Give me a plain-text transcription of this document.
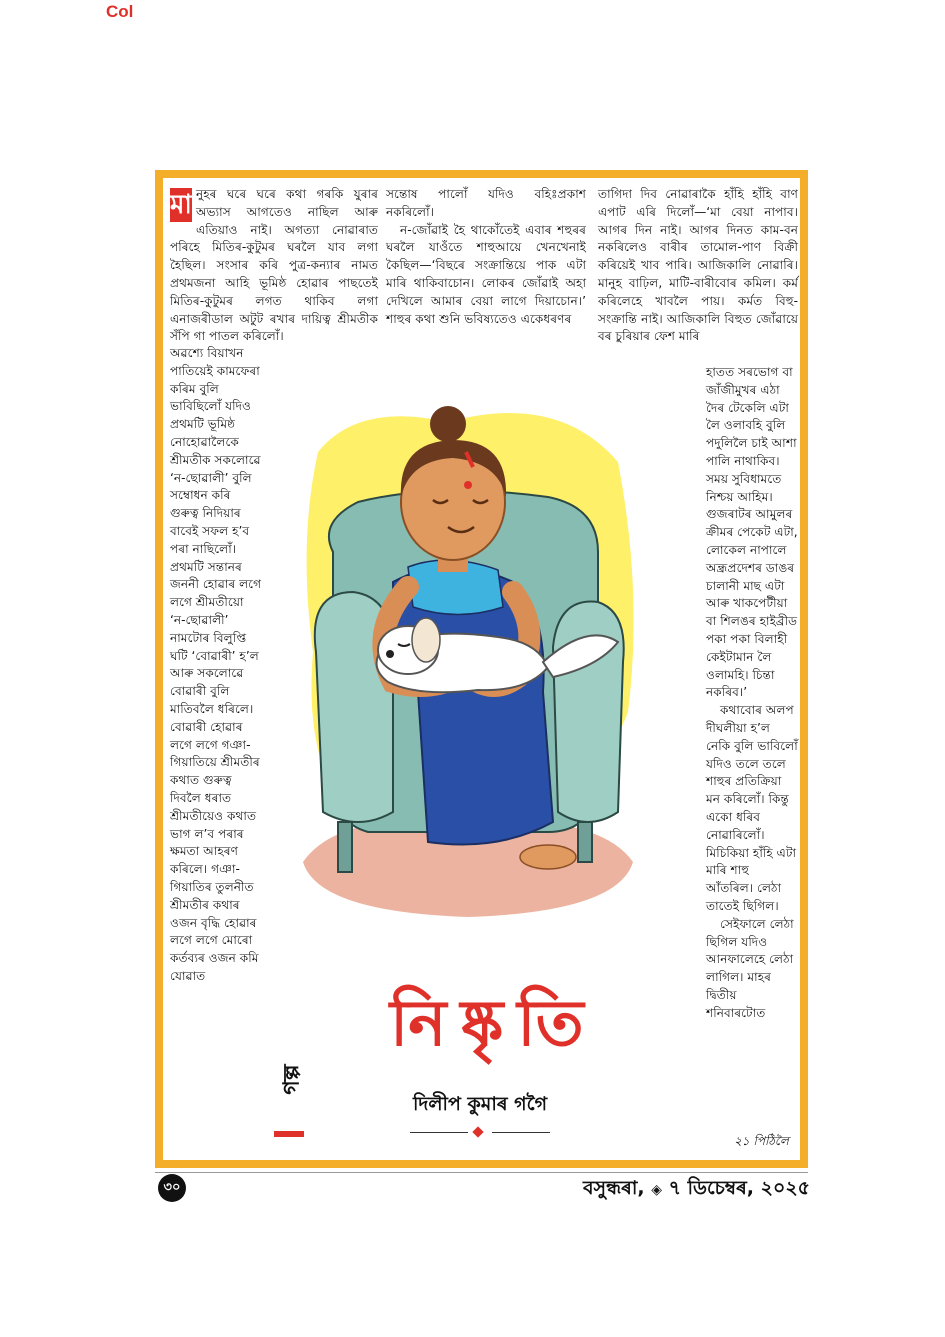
Col

মা নুহৰ ঘৰে ঘৰে কথা গৰকি যুৰাৰ অভ্যাস আগতেও নাছিল আৰু এতিয়াও নাই। অগত্যা নোৱাৰাত পৰিহে মিতিৰ-কুটুমৰ ঘৰলৈ যাব লগা হৈছিল। সংসাৰ কৰি পুত্ৰ-কন্যাৰ নামত প্ৰথমজনা আহি ভূমিষ্ঠ হোৱাৰ পাছতেই মিতিৰ-কুটুমৰ লগত থাকিব লগা এনাজৰীডাল অটুট ৰখাৰ দায়িত্ব শ্ৰীমতীক সঁপি গা পাতল কৰিলোঁ।

অৱশ্যে বিয়াখন পাতিয়েই কামফেৰা কৰিম বুলি ভাবিছিলোঁ যদিও প্ৰথমটি ভূমিষ্ঠ নোহোৱালৈকে শ্ৰীমতীক সকলোৱে ‘ন-ছোৱালী’ বুলি সম্বোধন কৰি গুৰুত্ব নিদিয়াৰ বাবেই সফল হ’ব পৰা নাছিলোঁ। প্ৰথমটি সন্তানৰ জননী হোৱাৰ লগে লগে শ্ৰীমতীয়ো ‘ন-ছোৱালী’ নামটোৰ বিলুপ্তি ঘটি ‘বোৱাৰী’ হ’ল আৰু সকলোৱে বোৱাৰী বুলি মাতিবলৈ ধৰিলে। বোৱাৰী হোৱাৰ লগে লগে গঞা-গিয়াতিয়ে শ্ৰীমতীৰ কথাত গুৰুত্ব দিবলৈ ধৰাত শ্ৰীমতীয়েও কথাত ভাগ ল’ব পৰাৰ ক্ষমতা আহৰণ কৰিলে। গঞা-গিয়াতিৰ তুলনীত শ্ৰীমতীৰ কথাৰ ওজন বৃদ্ধি হোৱাৰ লগে লগে মোৰো কৰ্তব্যৰ ওজন কমি যোৱাত

সন্তোষ পালোঁ যদিও বহিঃপ্ৰকাশ নকৰিলোঁ।

ন-জোঁৱাই হৈ থাকোঁতেই এবাৰ শহুৰৰ ঘৰলৈ যাওঁতে শাহুআয়ে খেনখেনাই কৈছিল—‘বিছৰে সংক্ৰান্তিয়ে পাক এটা মাৰি থাকিবাচোন। লোকৰ জোঁৱাই অহা দেখিলে আমাৰ বেয়া লাগে দিয়াচোন।’ শাহুৰ কথা শুনি ভবিষ্যতেও একেধৰণৰ

তাগিদা দিব নোৱাৰাকৈ হাঁহি হাঁহি বাণ এপাট এৰি দিলোঁ—‘মা বেয়া নাপাব। আগৰ দিন নাই। আগৰ দিনত কাম-বন নকৰিলেও বাৰীৰ তামোল-পাণ বিক্ৰী কৰিয়েই খাব পাৰি। আজিকালি নোৱাৰি। মানুহ বাঢ়িল, মাটি-বাৰীবোৰ কমিল। কৰ্ম কৰিলেহে খাবলৈ পায়। কৰ্মত বিহু-সংক্ৰান্তি নাই। আজিকালি বিহুত জোঁৱায়ে বৰ চুৰিয়াৰ ফেশ মাৰি

হাতত সৰভোগ বা জাঁজীমুখৰ এঠা দৈৰ টেকেলি এটা লৈ ওলাবহি বুলি পদুলিলৈ চাই আশা পালি নাথাকিব। সময় সুবিধামতে নিশ্চয় আহিম। গুজৰাটৰ আমুলৰ ক্ৰীমৰ পেকেট এটা, লোকেল নাপালে অন্ধ্ৰপ্ৰদেশৰ ডাঙৰ চালানী মাছ এটা আৰু খাকপেটীয়া বা শিলঙৰ হাইব্ৰীড পকা পকা বিলাহী কেইটামান লৈ ওলামহি। চিন্তা নকৰিব।’

কথাবোৰ অলপ দীঘলীয়া হ’ল নেকি বুলি ভাবিলোঁ যদিও তলে তলে শাহুৰ প্ৰতিক্ৰিয়া মন কৰিলোঁ। কিন্তু একো ধৰিব নোৱাৰিলোঁ। মিচিকিয়া হাঁহি এটা মাৰি শাহু আঁতৰিল। লেঠা তাতেই ছিগিল।

সেইফালে লেঠা ছিগিল যদিও আনফালেহে লেঠা লাগিল। মাহৰ দ্বিতীয় শনিবাৰটোত

২১ পিঠিলৈ
নিষ্কৃতি
গল্প
দিলীপ কুমাৰ গগৈ
৩০	বসুন্ধৰা, ◈ ৭ ডিচেম্বৰ, ২০২৫
